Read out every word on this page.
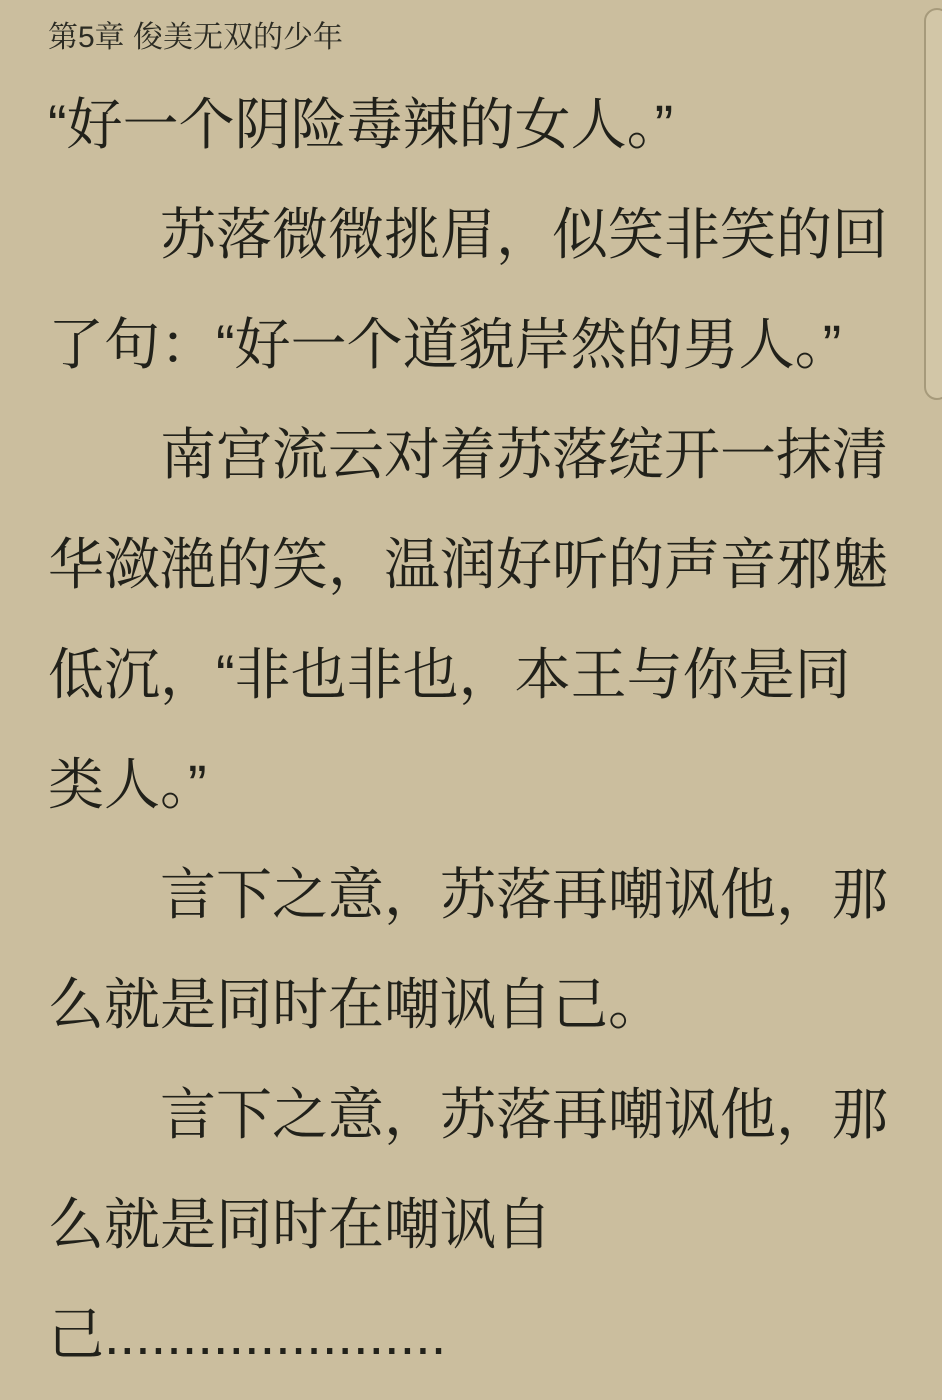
第5章 俊美无双的少年

“好一个阴险毒辣的女人。”

苏落微微挑眉，似笑非笑的回了句：“好一个道貌岸然的男人。”

南宫流云对着苏落绽开一抹清华潋滟的笑，温润好听的声音邪魅低沉，“非也非也，本王与你是同类人。”

言下之意，苏落再嘲讽他，那么就是同时在嘲讽自己。

言下之意，苏落再嘲讽他，那么就是同时在嘲讽自己......................
